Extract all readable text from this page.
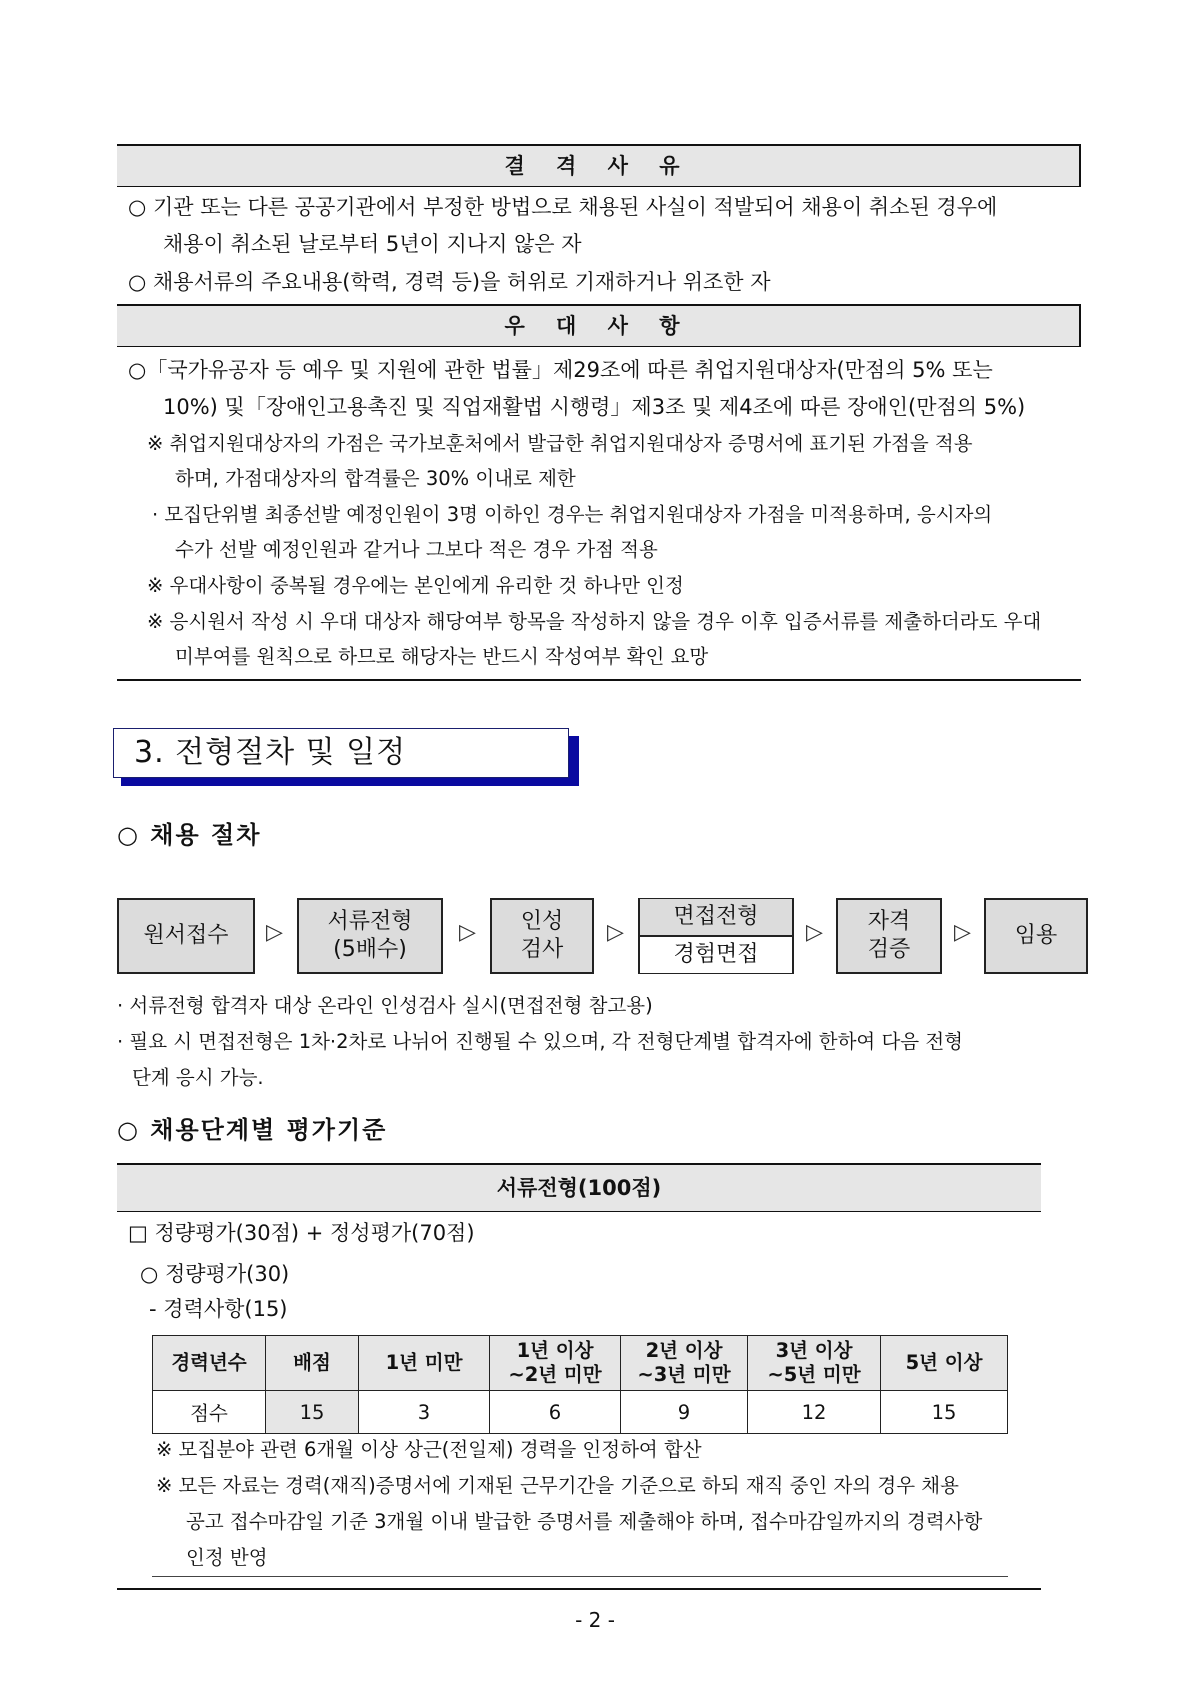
결 격 사 유
○ 기관 또는 다른 공공기관에서 부정한 방법으로 채용된 사실이 적발되어 채용이 취소된 경우에
채용이 취소된 날로부터 5년이 지나지 않은 자
○ 채용서류의 주요내용(학력, 경력 등)을 허위로 기재하거나 위조한 자
우 대 사 항
○「국가유공자 등 예우 및 지원에 관한 법률」제29조에 따른 취업지원대상자(만점의 5% 또는
10%) 및「장애인고용촉진 및 직업재활법 시행령」제3조 및 제4조에 따른 장애인(만점의 5%)
※ 취업지원대상자의 가점은 국가보훈처에서 발급한 취업지원대상자 증명서에 표기된 가점을 적용
하며, 가점대상자의 합격률은 30% 이내로 제한
· 모집단위별 최종선발 예정인원이 3명 이하인 경우는 취업지원대상자 가점을 미적용하며, 응시자의
수가 선발 예정인원과 같거나 그보다 적은 경우 가점 적용
※ 우대사항이 중복될 경우에는 본인에게 유리한 것 하나만 인정
※ 응시원서 작성 시 우대 대상자 해당여부 항목을 작성하지 않을 경우 이후 입증서류를 제출하더라도 우대
미부여를 원칙으로 하므로 해당자는 반드시 작성여부 확인 요망
3. 전형절차 및 일정
○ 채용 절차
원서접수 ▷ 서류전형
(5배수)
▷ 인성
검사
▷
면접전형
경험면접
▷ 자격
검증
▷ 임용
· 서류전형 합격자 대상 온라인 인성검사 실시(면접전형 참고용)
· 필요 시 면접전형은 1차·2차로 나뉘어 진행될 수 있으며, 각 전형단계별 합격자에 한하여 다음 전형
단계 응시 가능.
○ 채용단계별 평가기준
서류전형(100점)
□ 정량평가(30점) + 정성평가(70점)
○ 정량평가(30)
- 경력사항(15)
경력년수	배점	1년 미만	1년 이상
~2년 미만	2년 이상
~3년 미만	3년 이상
~5년 미만	5년 이상
점수	15	3	6	9	12	15
※ 모집분야 관련 6개월 이상 상근(전일제) 경력을 인정하여 합산
※ 모든 자료는 경력(재직)증명서에 기재된 근무기간을 기준으로 하되 재직 중인 자의 경우 채용
공고 접수마감일 기준 3개월 이내 발급한 증명서를 제출해야 하며, 접수마감일까지의 경력사항
인정 반영
- 2 -
